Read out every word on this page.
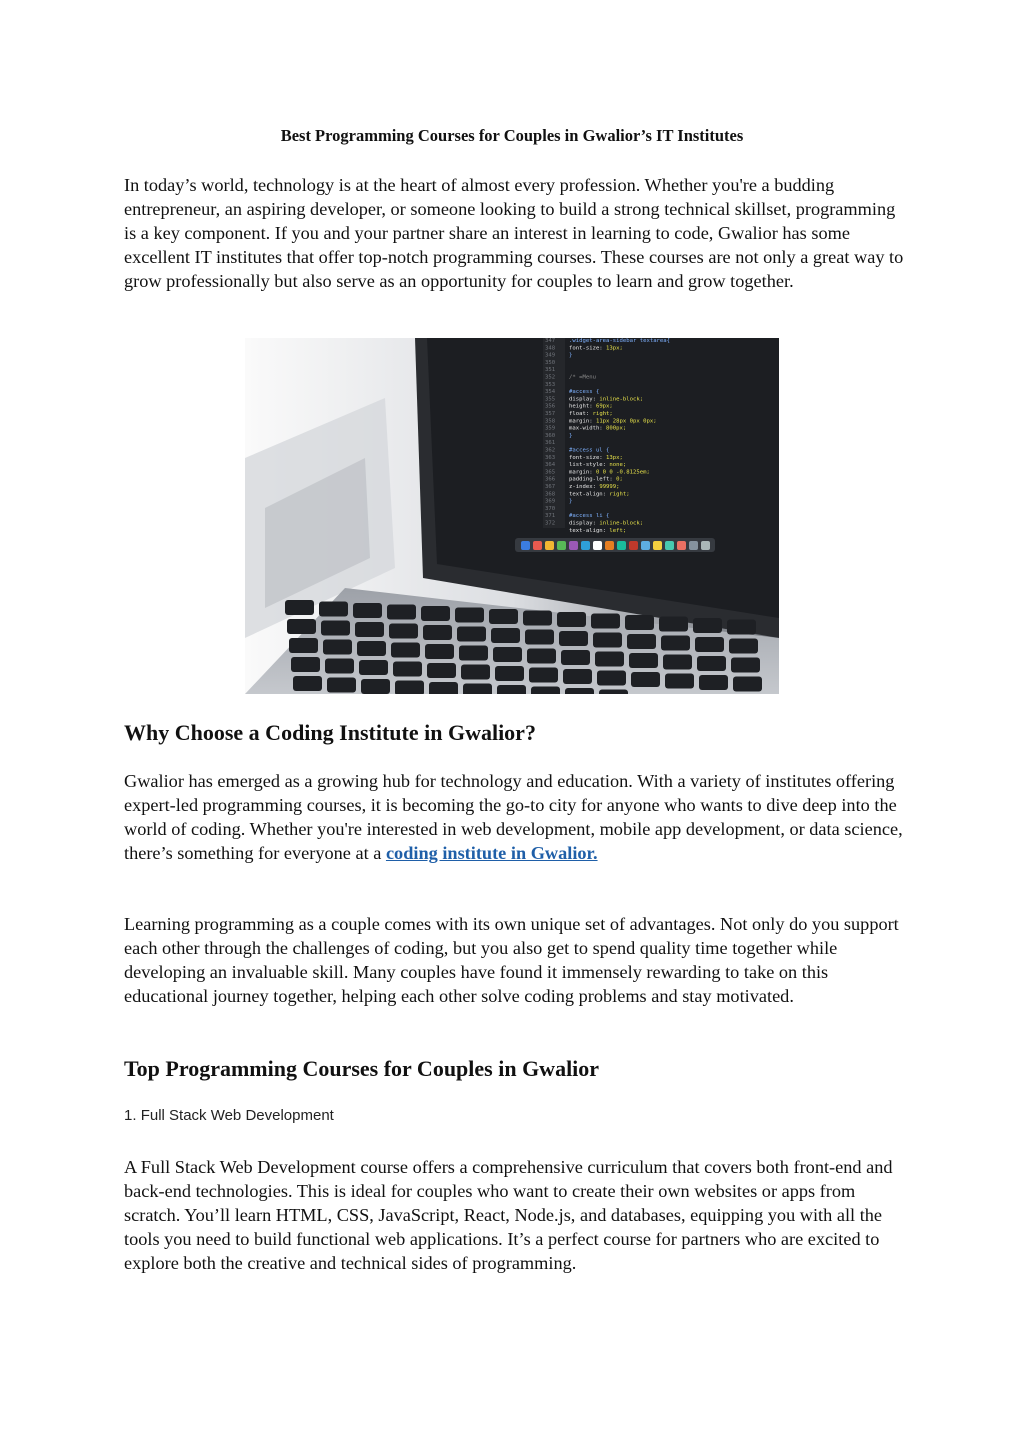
Best Programming Courses for Couples in Gwalior’s IT Institutes

In today’s world, technology is at the heart of almost every profession. Whether you're a budding entrepreneur, an aspiring developer, or someone looking to build a strong technical skillset, programming is a key component. If you and your partner share an interest in learning to code, Gwalior has some excellent IT institutes that offer top-notch programming courses. These courses are not only a great way to grow professionally but also serve as an opportunity for couples to learn and grow together.

347 .widget-area-sidebar textarea{
348 font-size: 13px;
349 }
350
351
352 /* =Menu
353
354 #access {
355 display: inline-block;
356 height: 69px;
357 float: right;
358 margin: 11px 28px 0px 0px;
359 max-width: 800px;
360 }
361
362 #access ul {
363 font-size: 13px;
364 list-style: none;
365 margin: 0 0 0 -0.8125em;
366 padding-left: 0;
367 z-index: 99999;
368 text-align: right;
369 }
370
371 #access li {
372 display: inline-block;
text-align: left;
Why Choose a Coding Institute in Gwalior?

Gwalior has emerged as a growing hub for technology and education. With a variety of institutes offering expert-led programming courses, it is becoming the go-to city for anyone who wants to dive deep into the world of coding. Whether you're interested in web development, mobile app development, or data science, there’s something for everyone at a coding institute in Gwalior.

Learning programming as a couple comes with its own unique set of advantages. Not only do you support each other through the challenges of coding, but you also get to spend quality time together while developing an invaluable skill. Many couples have found it immensely rewarding to take on this educational journey together, helping each other solve coding problems and stay motivated.

Top Programming Courses for Couples in Gwalior

1. Full Stack Web Development

A Full Stack Web Development course offers a comprehensive curriculum that covers both front-end and back-end technologies. This is ideal for couples who want to create their own websites or apps from scratch. You’ll learn HTML, CSS, JavaScript, React, Node.js, and databases, equipping you with all the tools you need to build functional web applications. It’s a perfect course for partners who are excited to explore both the creative and technical sides of programming.
